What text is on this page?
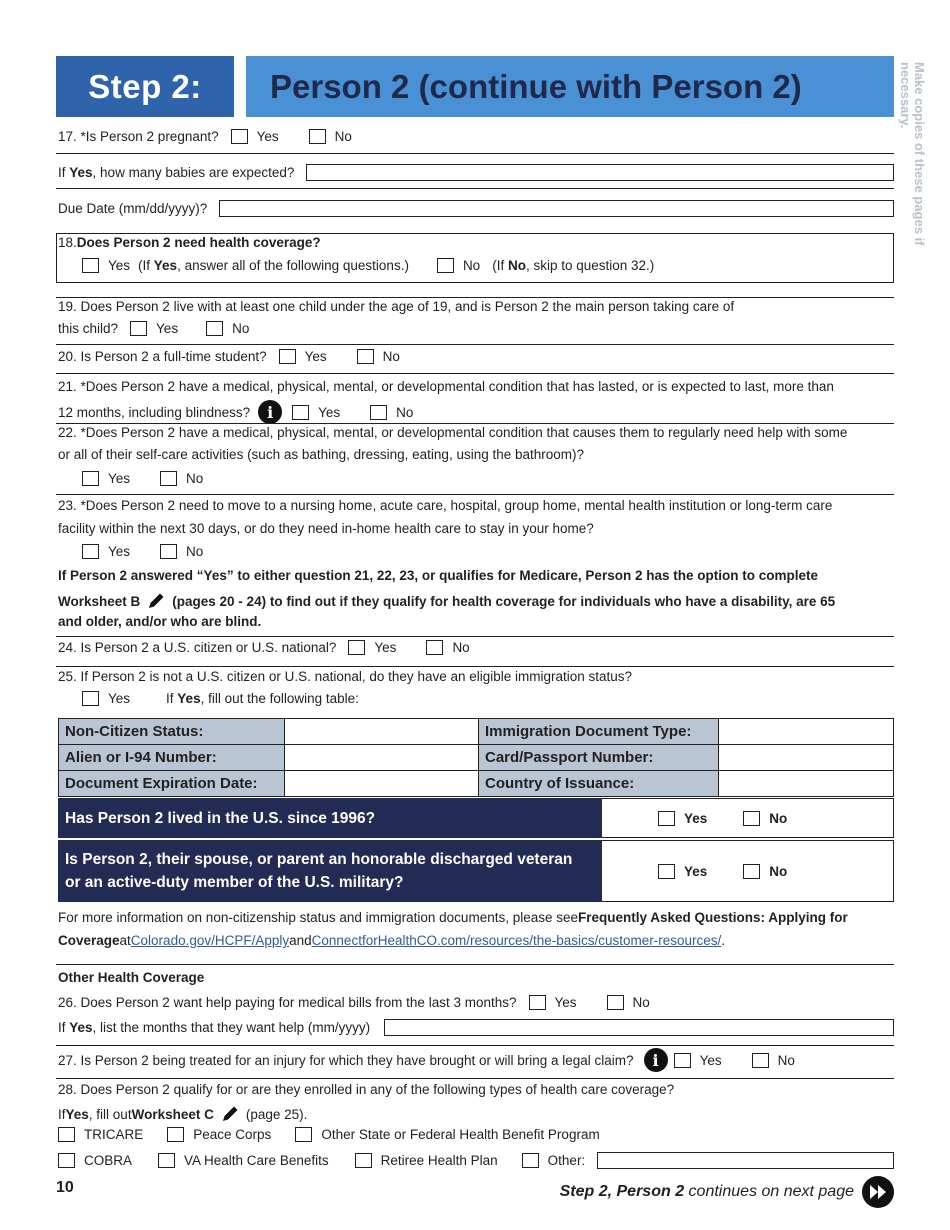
Step 2:	Person 2 (continue with Person 2)	Make copies of these pages if necessary.
17. *Is Person 2 pregnant?	Yes	No
If Yes, how many babies are expected?
Due Date (mm/dd/yyyy)?
18. Does Person 2 need health coverage?
Yes (If Yes, answer all of the following questions.)	No (If No, skip to question 32.)
19. Does Person 2 live with at least one child under the age of 19, and is Person 2 the main person taking care of
this child?	Yes	No
20. Is Person 2 a full-time student?	Yes	No
21. *Does Person 2 have a medical, physical, mental, or developmental condition that has lasted, or is expected to last, more than
12 months, including blindness?	i	Yes	No
22. *Does Person 2 have a medical, physical, mental, or developmental condition that causes them to regularly need help with some
or all of their self-care activities (such as bathing, dressing, eating, using the bathroom)?
Yes	No
23. *Does Person 2 need to move to a nursing home, acute care, hospital, group home, mental health institution or long-term care
facility within the next 30 days, or do they need in-home health care to stay in your home?
Yes	No
If Person 2 answered “Yes” to either question 21, 22, 23, or qualifies for Medicare, Person 2 has the option to complete
Worksheet B (pages 20 - 24) to find out if they qualify for health coverage for individuals who have a disability, are 65
and older, and/or who are blind.
24. Is Person 2 a U.S. citizen or U.S. national?	Yes	No
25. If Person 2 is not a U.S. citizen or U.S. national, do they have an eligible immigration status?
Yes	If Yes, fill out the following table:
Non-Citizen Status:		Immigration Document Type:	
Alien or I-94 Number:		Card/Passport Number:	
Document Expiration Date:		Country of Issuance:	
Has Person 2 lived in the U.S. since 1996?	Yes	No
Is Person 2, their spouse, or parent an honorable discharged veteran
or an active-duty member of the U.S. military?
Yes	No
For more information on non-citizenship status and immigration documents, please see Frequently Asked Questions: Applying for
Coverage at Colorado.gov/HCPF/Apply and ConnectforHealthCO.com/resources/the-basics/customer-resources/ .
Other Health Coverage
26. Does Person 2 want help paying for medical bills from the last 3 months?	Yes	No
If Yes, list the months that they want help (mm/yyyy)
27. Is Person 2 being treated for an injury for which they have brought or will bring a legal claim?	i	Yes	No
28. Does Person 2 qualify for or are they enrolled in any of the following types of health care coverage?
If Yes , fill out Worksheet C (page 25).
TRICARE	Peace Corps	Other State or Federal Health Benefit Program
COBRA	VA Health Care Benefits	Retiree Health Plan	Other:
10	Step 2, Person 2 continues on next page
